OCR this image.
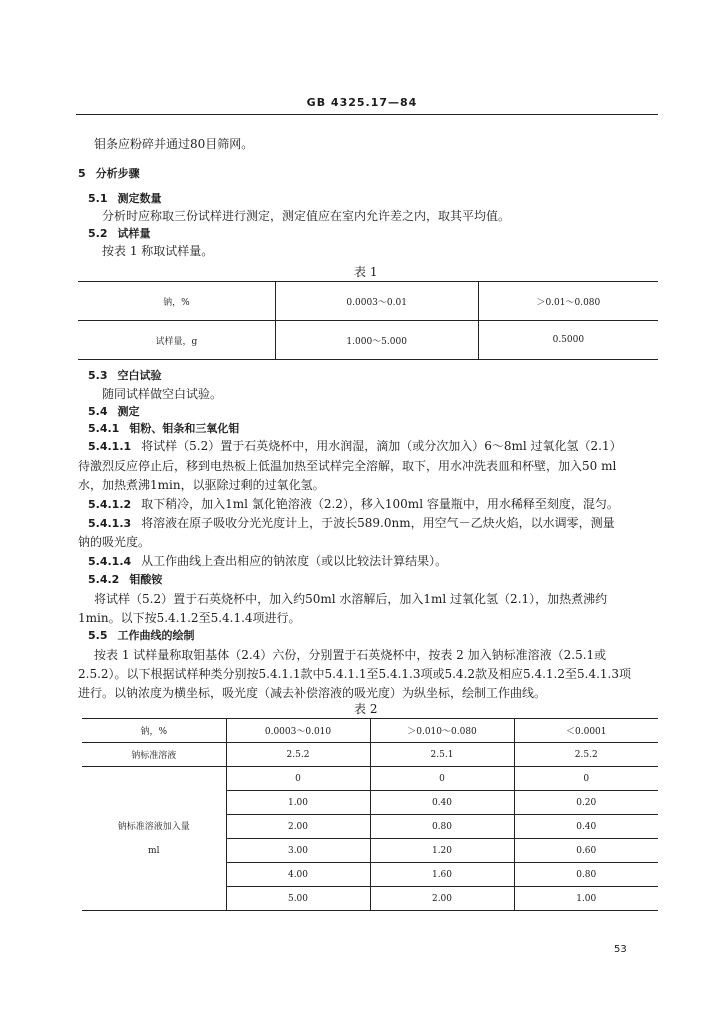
GB 4325.17—84
钼条应粉碎并通过80目筛网。
5 分析步骤
5.1 测定数量
分析时应称取三份试样进行测定，测定值应在室内允许差之内，取其平均值。
5.2 试样量
按表 1 称取试样量。
表 1
钠，%	0.0003～0.01	＞0.01～0.080
试样量，g	1.000～5.000	0.5000
5.3 空白试验
随同试样做空白试验。
5.4 测定
5.4.1 钼粉、钼条和三氧化钼
5.4.1.1 将试样（5.2）置于石英烧杯中，用水润湿，滴加（或分次加入）6～8ml 过氧化氢（2.1）
待激烈反应停止后，移到电热板上低温加热至试样完全溶解，取下，用水冲洗表皿和杯壁，加入50 ml
水，加热煮沸1min，以驱除过剩的过氧化氢。
5.4.1.2 取下稍冷，加入1ml 氯化铯溶液（2.2），移入100ml 容量瓶中，用水稀释至刻度，混匀。
5.4.1.3 将溶液在原子吸收分光光度计上，于波长589.0nm，用空气－乙炔火焰，以水调零，测量
钠的吸光度。
5.4.1.4 从工作曲线上查出相应的钠浓度（或以比较法计算结果）。
5.4.2 钼酸铵
将试样（5.2）置于石英烧杯中，加入约50ml 水溶解后，加入1ml 过氧化氢（2.1），加热煮沸约
1min。以下按5.4.1.2至5.4.1.4项进行。
5.5 工作曲线的绘制
按表 1 试样量称取钼基体（2.4）六份，分别置于石英烧杯中，按表 2 加入钠标准溶液（2.5.1或
2.5.2）。以下根据试样种类分别按5.4.1.1款中5.4.1.1至5.4.1.3项或5.4.2款及相应5.4.1.2至5.4.1.3项
进行。以钠浓度为横坐标，吸光度（减去补偿溶液的吸光度）为纵坐标，绘制工作曲线。
表 2
钠，%	0.0003～0.010	＞0.010～0.080	＜0.0001
钠标准溶液	2.5.2	2.5.1	2.5.2

钠标准溶液加入量
ml	0	0	0
	1.00	0.40	0.20
	2.00	0.80	0.40
	3.00	1.20	0.60
	4.00	1.60	0.80
	5.00	2.00	1.00
53
